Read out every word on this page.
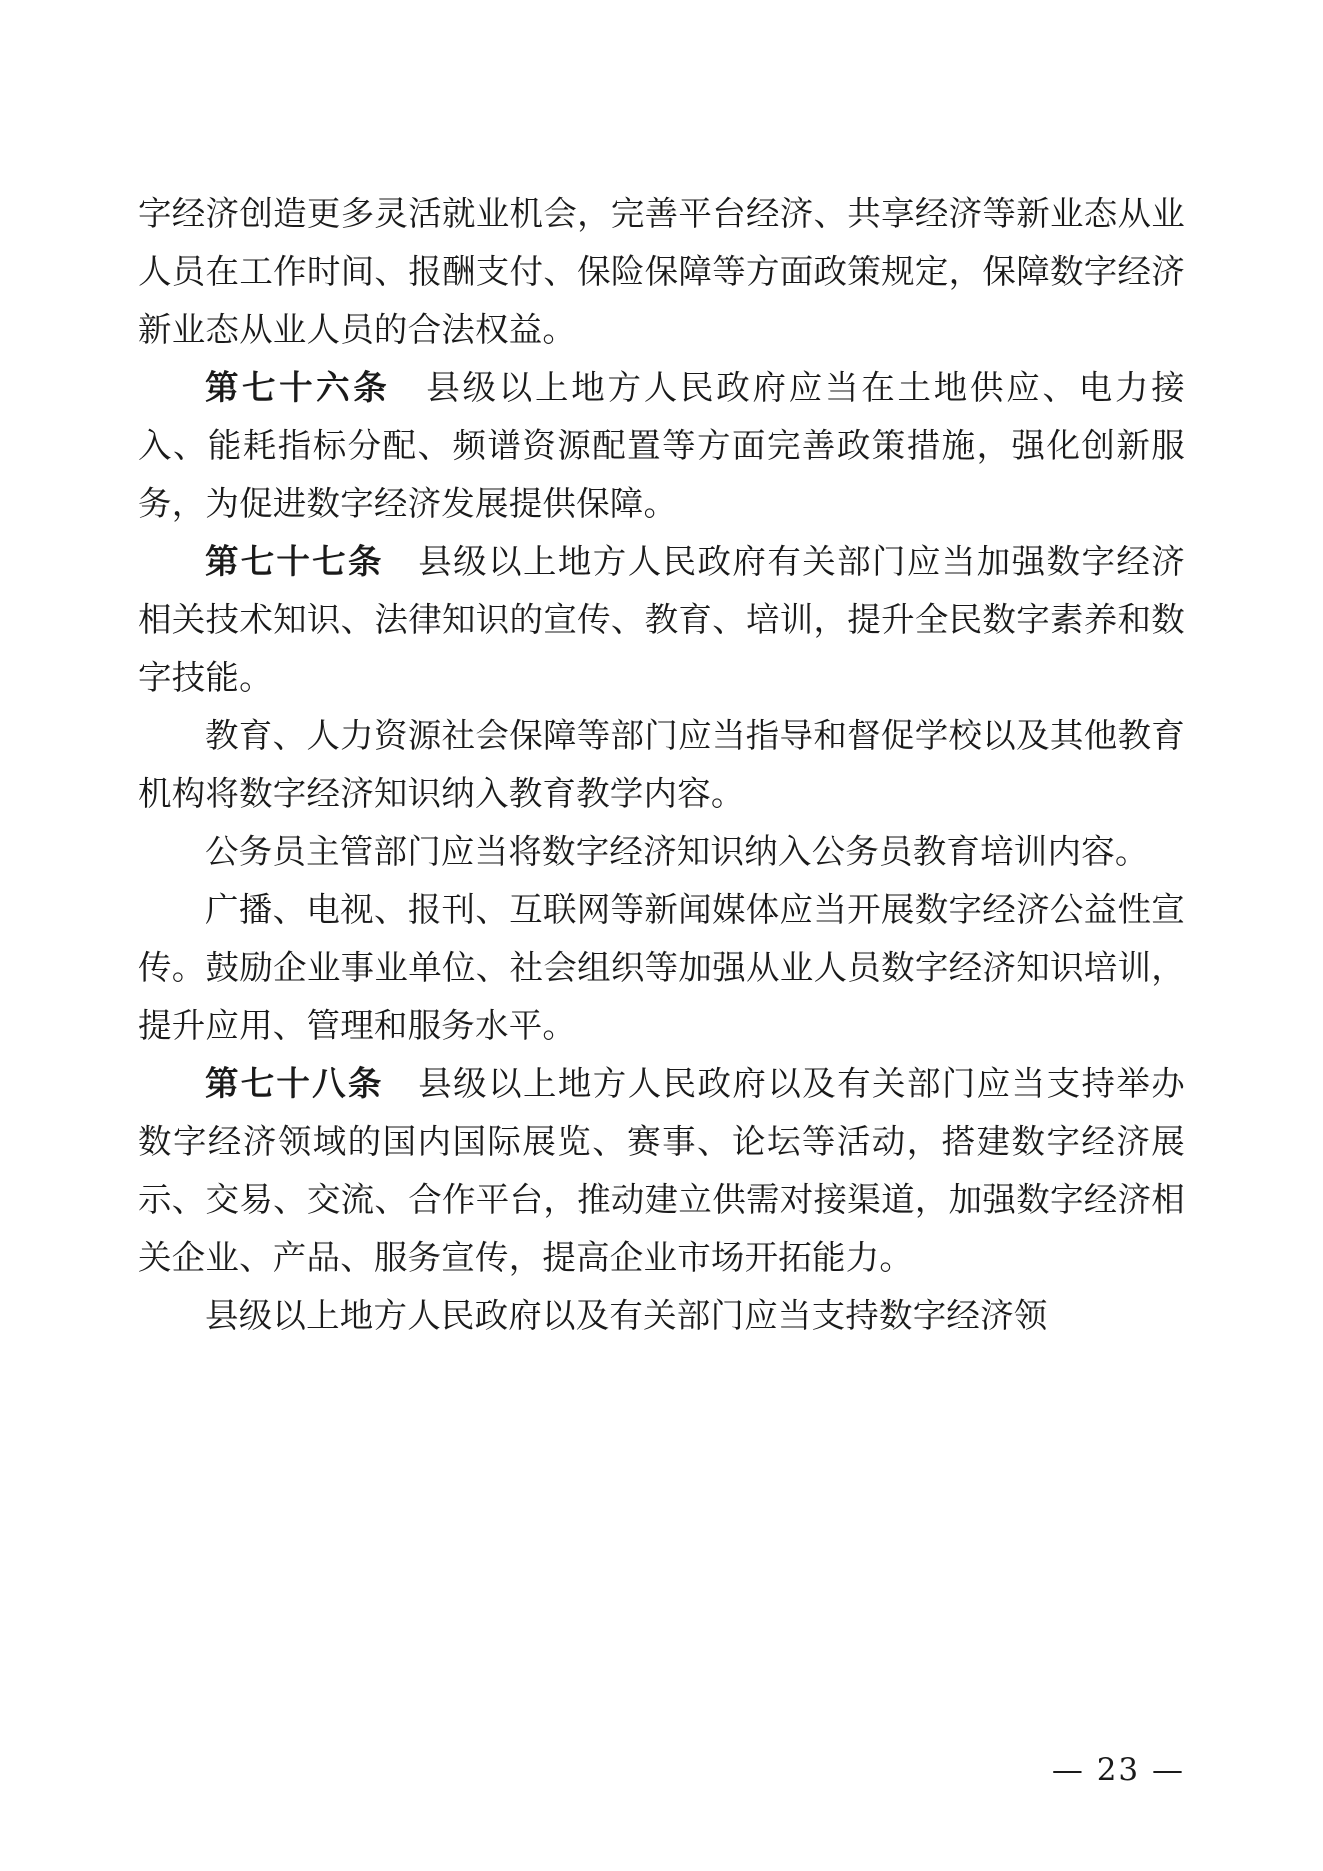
字经济创造更多灵活就业机会，完善平台经济、共享经济等新业态从业人员在工作时间、报酬支付、保险保障等方面政策规定，保障数字经济新业态从业人员的合法权益。

第七十六条 县级以上地方人民政府应当在土地供应、电力接入、能耗指标分配、频谱资源配置等方面完善政策措施，强化创新服务，为促进数字经济发展提供保障。

第七十七条 县级以上地方人民政府有关部门应当加强数字经济相关技术知识、法律知识的宣传、教育、培训，提升全民数字素养和数字技能。

教育、人力资源社会保障等部门应当指导和督促学校以及其他教育机构将数字经济知识纳入教育教学内容。

公务员主管部门应当将数字经济知识纳入公务员教育培训内容。

广播、电视、报刊、互联网等新闻媒体应当开展数字经济公益性宣传。鼓励企业事业单位、社会组织等加强从业人员数字经济知识培训，提升应用、管理和服务水平。

第七十八条 县级以上地方人民政府以及有关部门应当支持举办数字经济领域的国内国际展览、赛事、论坛等活动，搭建数字经济展示、交易、交流、合作平台，推动建立供需对接渠道，加强数字经济相关企业、产品、服务宣传，提高企业市场开拓能力。

县级以上地方人民政府以及有关部门应当支持数字经济领

— 23 —
